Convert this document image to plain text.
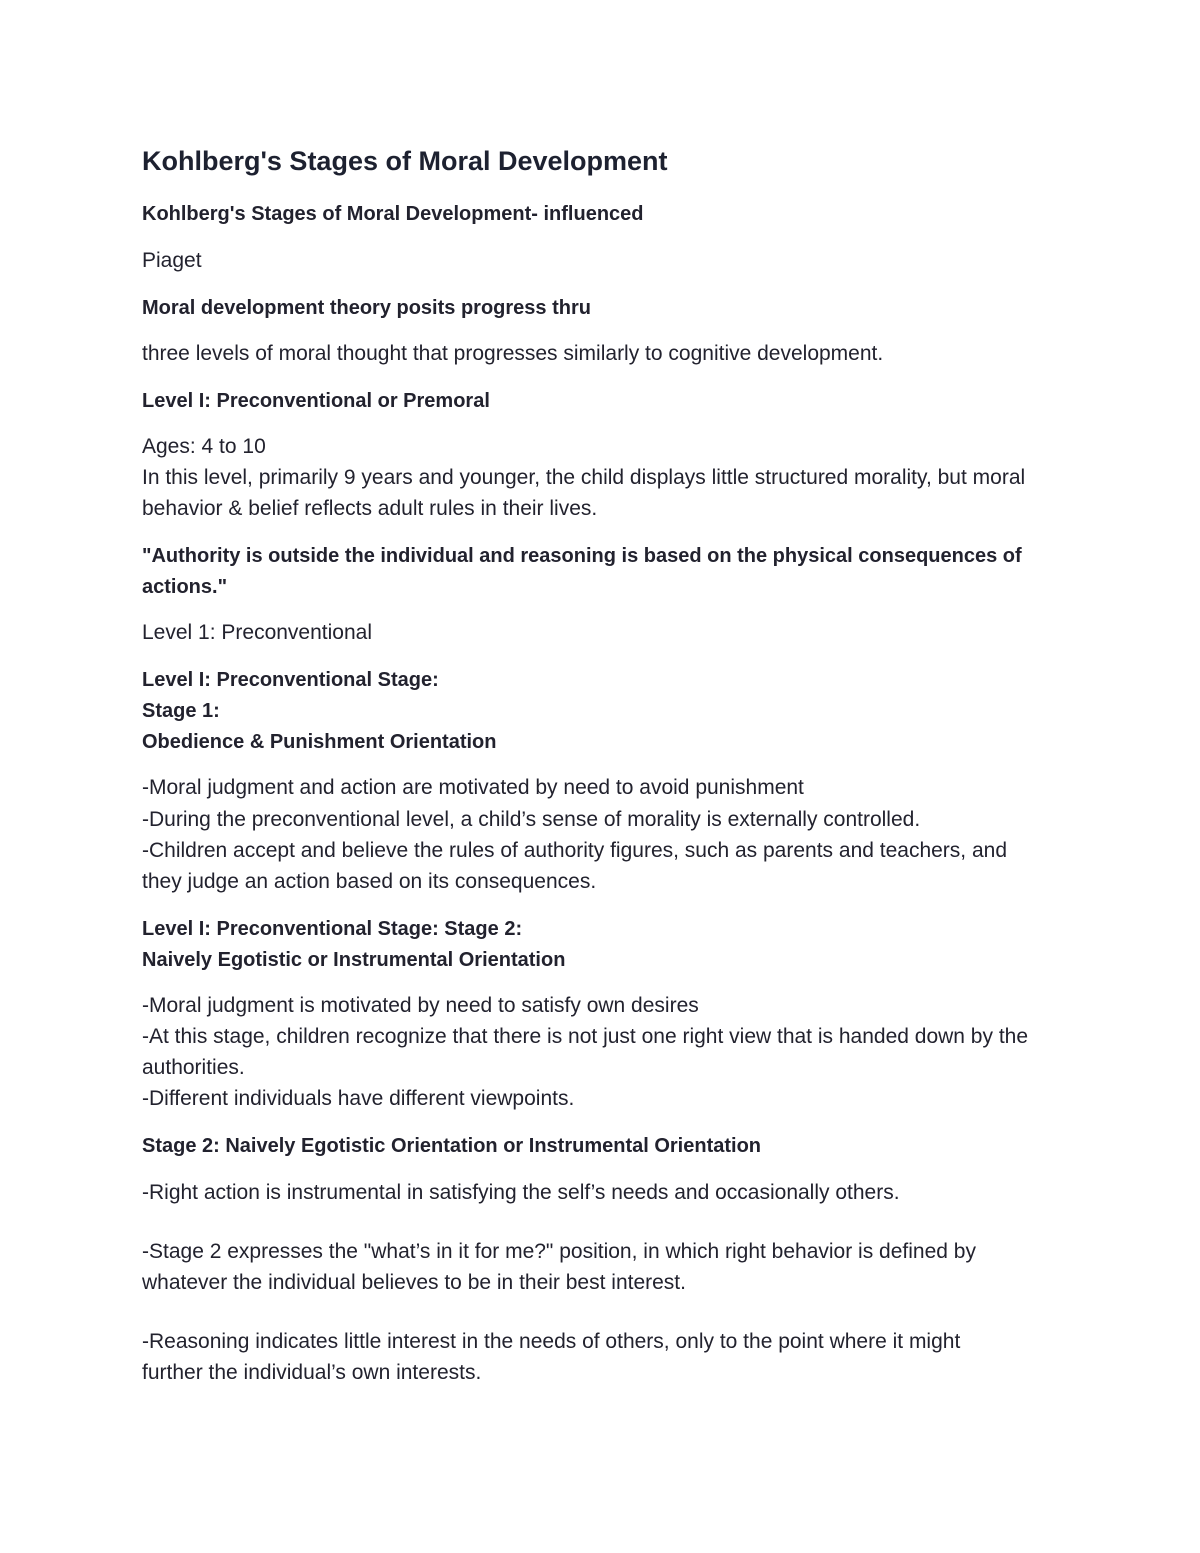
Kohlberg's Stages of Moral Development
Kohlberg's Stages of Moral Development- influenced
Piaget
Moral development theory posits progress thru
three levels of moral thought that progresses similarly to cognitive development.
Level I: Preconventional or Premoral
Ages: 4 to 10
In this level, primarily 9 years and younger, the child displays little structured morality, but moral
behavior & belief reflects adult rules in their lives.
"Authority is outside the individual and reasoning is based on the physical consequences of
actions."
Level 1: Preconventional
Level I: Preconventional Stage:
Stage 1:
Obedience & Punishment Orientation
-Moral judgment and action are motivated by need to avoid punishment
-During the preconventional level, a child’s sense of morality is externally controlled.
-Children accept and believe the rules of authority figures, such as parents and teachers, and
they judge an action based on its consequences.
Level I: Preconventional Stage: Stage 2:
Naively Egotistic or Instrumental Orientation
-Moral judgment is motivated by need to satisfy own desires
-At this stage, children recognize that there is not just one right view that is handed down by the
authorities.
-Different individuals have different viewpoints.
Stage 2: Naively Egotistic Orientation or Instrumental Orientation
-Right action is instrumental in satisfying the self’s needs and occasionally others.
-Stage 2 expresses the "what’s in it for me?" position, in which right behavior is defined by
whatever the individual believes to be in their best interest.
-Reasoning indicates little interest in the needs of others, only to the point where it might
further the individual’s own interests.
